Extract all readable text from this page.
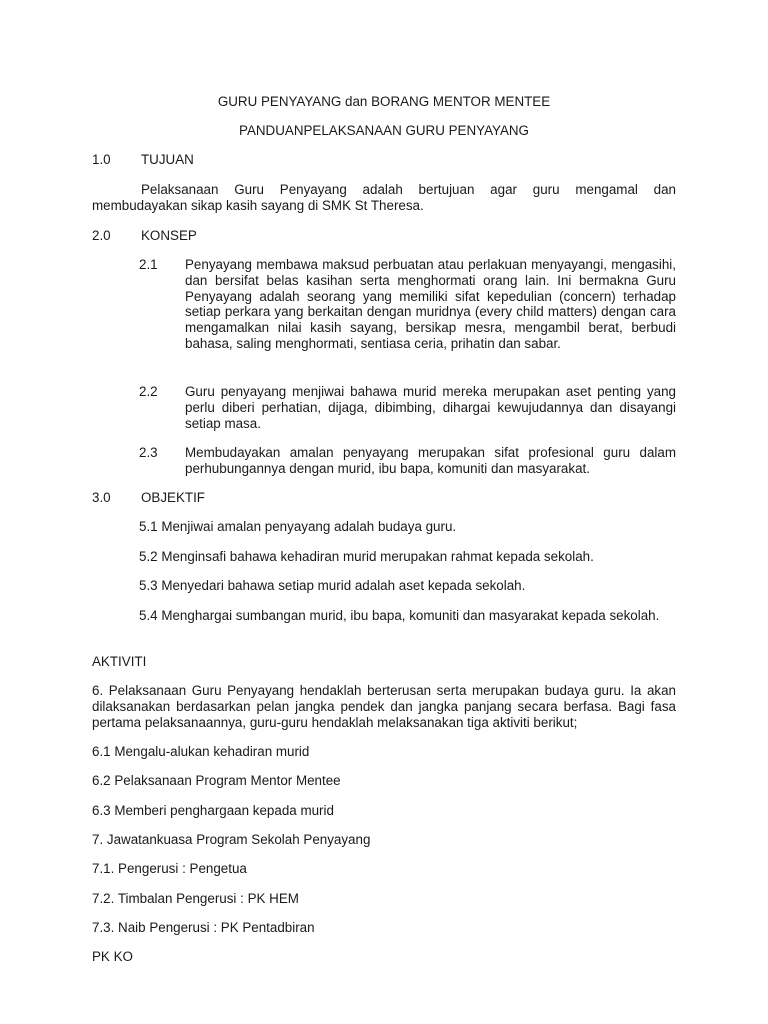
GURU PENYAYANG dan BORANG MENTOR MENTEE
PANDUANPELAKSANAAN GURU PENYAYANG
1.0 TUJUAN

Pelaksanaan Guru Penyayang adalah bertujuan agar guru mengamal dan membudayakan sikap kasih sayang di SMK St Theresa.

2.0 KONSEP
2.1 Penyayang membawa maksud perbuatan atau perlakuan menyayangi, mengasihi, dan bersifat belas kasihan serta menghormati orang lain. Ini bermakna Guru Penyayang adalah seorang yang memiliki sifat kepedulian (concern) terhadap setiap perkara yang berkaitan dengan muridnya (every child matters) dengan cara mengamalkan nilai kasih sayang, bersikap mesra, mengambil berat, berbudi bahasa, saling menghormati, sentiasa ceria, prihatin dan sabar.

2.2 Guru penyayang menjiwai bahawa murid mereka merupakan aset penting yang perlu diberi perhatian, dijaga, dibimbing, dihargai kewujudannya dan disayangi setiap masa.

2.3 Membudayakan amalan penyayang merupakan sifat profesional guru dalam perhubungannya dengan murid, ibu bapa, komuniti dan masyarakat.

3.0 OBJEKTIF

5.1 Menjiwai amalan penyayang adalah budaya guru.

5.2 Menginsafi bahawa kehadiran murid merupakan rahmat kepada sekolah.

5.3 Menyedari bahawa setiap murid adalah aset kepada sekolah.

5.4 Menghargai sumbangan murid, ibu bapa, komuniti dan masyarakat kepada sekolah.

AKTIVITI

6. Pelaksanaan Guru Penyayang hendaklah berterusan serta merupakan budaya guru. Ia akan dilaksanakan berdasarkan pelan jangka pendek dan jangka panjang secara berfasa. Bagi fasa pertama pelaksanaannya, guru-guru hendaklah melaksanakan tiga aktiviti berikut;

6.1 Mengalu-alukan kehadiran murid
6.2 Pelaksanaan Program Mentor Mentee
6.3 Memberi penghargaan kepada murid
7. Jawatankuasa Program Sekolah Penyayang
7.1. Pengerusi : Pengetua
7.2. Timbalan Pengerusi : PK HEM
7.3. Naib Pengerusi : PK Pentadbiran
PK KO
